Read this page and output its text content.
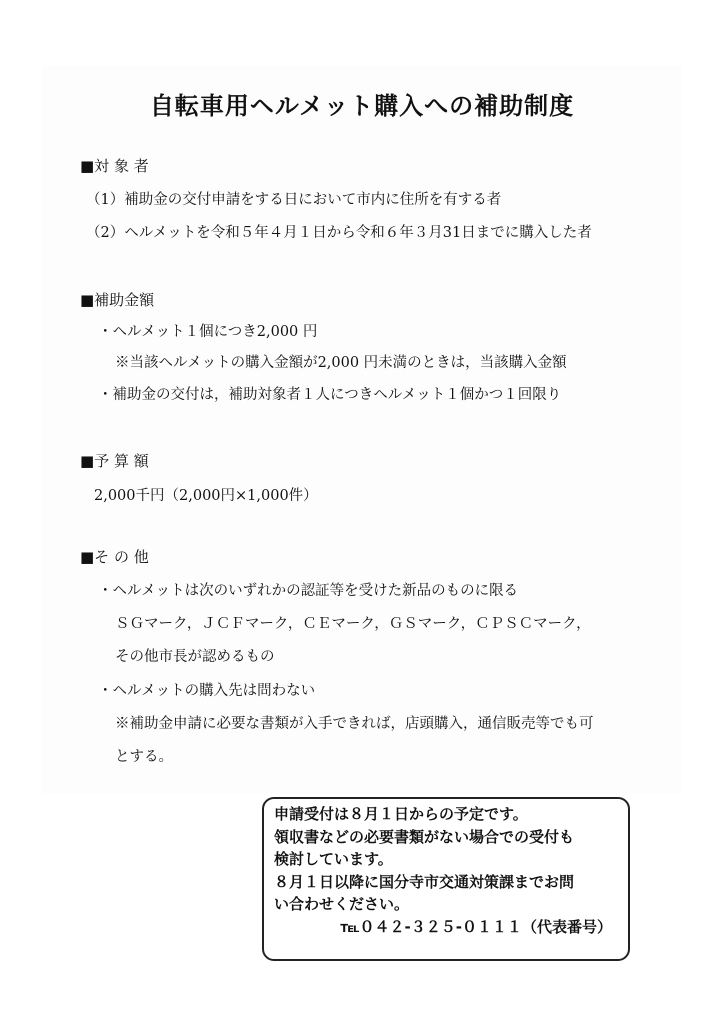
自転車用ヘルメット購入への補助制度
■対 象 者
（1）補助金の交付申請をする日において市内に住所を有する者
（2）ヘルメットを令和５年４月１日から令和６年３月31日までに購入した者
■補助金額
・ヘルメット１個につき2,000 円
※当該ヘルメットの購入金額が2,000 円未満のときは，当該購入金額
・補助金の交付は，補助対象者１人につきヘルメット１個かつ１回限り
■予 算 額
2,000千円（2,000円×1,000件）
■そ の 他
・ヘルメットは次のいずれかの認証等を受けた新品のものに限る
ＳＧマーク，ＪＣＦマーク，ＣＥマーク，ＧＳマーク，ＣＰＳＣマーク，
その他市長が認めるもの
・ヘルメットの購入先は問わない
※補助金申請に必要な書類が入手できれば，店頭購入，通信販売等でも可
とする。
申請受付は８月１日からの予定です。
領収書などの必要書類がない場合での受付も
検討しています。
８月１日以降に国分寺市交通対策課までお問
い合わせください。
℡０４２-３２５-０１１１（代表番号）
